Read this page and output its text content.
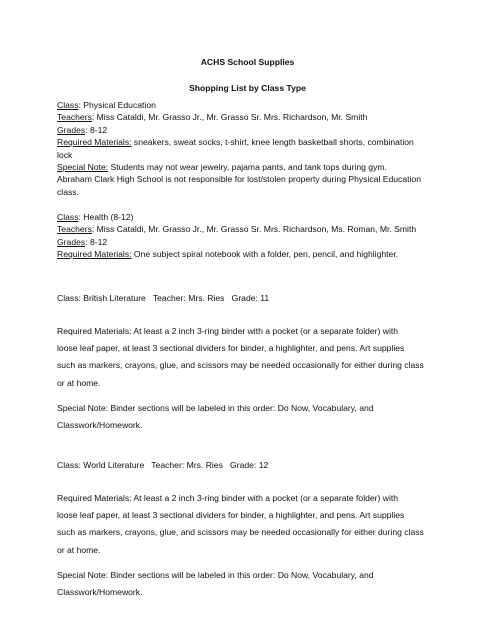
ACHS School Supplies
Shopping List by Class Type
Class: Physical Education
Teachers: Miss Cataldi, Mr. Grasso Jr., Mr. Grasso Sr. Mrs. Richardson, Mr. Smith
Grades: 8-12
Required Materials: sneakers, sweat socks, t-shirt, knee length basketball shorts, combination
lock
Special Note: Students may not wear jewelry, pajama pants, and tank tops during gym.
Abraham Clark High School is not responsible for lost/stolen property during Physical Education
class.
Class: Health (8-12)
Teachers: Miss Cataldi, Mr. Grasso Jr., Mr. Grasso Sr. Mrs. Richardson, Ms. Roman, Mr. Smith
Grades: 8-12
Required Materials: One subject spiral notebook with a folder, pen, pencil, and highlighter.
Class: British Literature   Teacher: Mrs. Ries   Grade: 11
Required Materials: At least a 2 inch 3-ring binder with a pocket (or a separate folder) with
loose leaf paper, at least 3 sectional dividers for binder, a highlighter, and pens. Art supplies
such as markers, crayons, glue, and scissors may be needed occasionally for either during class
or at home.
Special Note: Binder sections will be labeled in this order: Do Now, Vocabulary, and
Classwork/Homework.
Class: World Literature   Teacher: Mrs. Ries   Grade: 12
Required Materials: At least a 2 inch 3-ring binder with a pocket (or a separate folder) with
loose leaf paper, at least 3 sectional dividers for binder, a highlighter, and pens. Art supplies
such as markers, crayons, glue, and scissors may be needed occasionally for either during class
or at home.
Special Note: Binder sections will be labeled in this order: Do Now, Vocabulary, and
Classwork/Homework.
